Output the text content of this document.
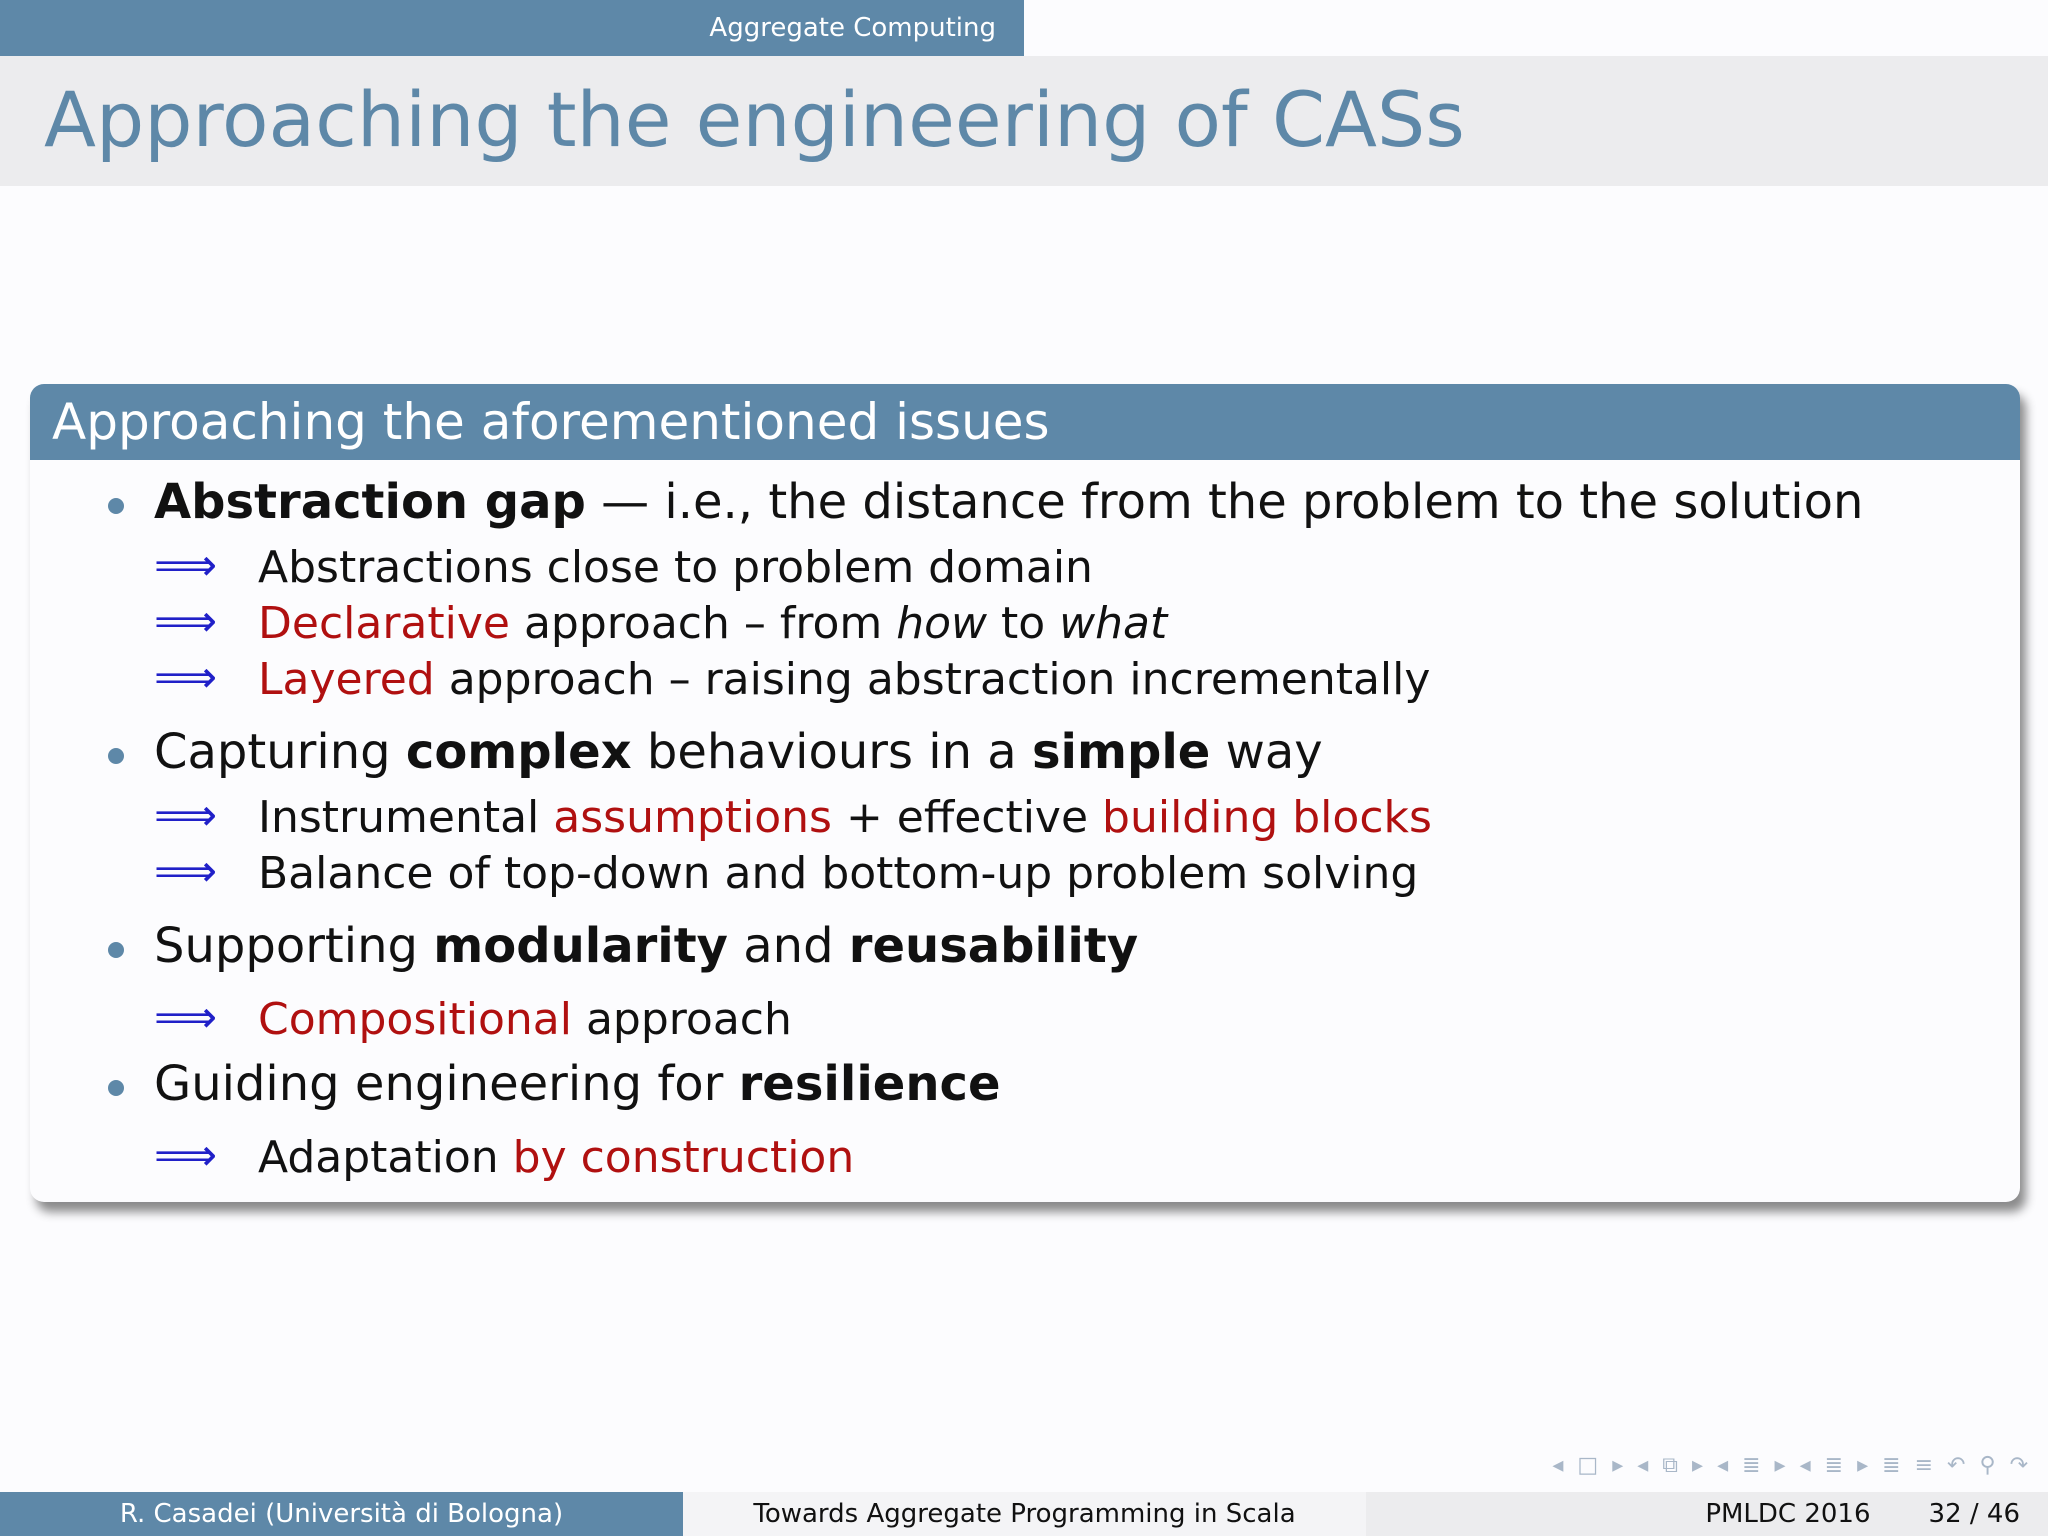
Aggregate Computing
Approaching the engineering of CASs
Approaching the aforementioned issues
Abstraction gap — i.e., the distance from the problem to the solution
⟹ Abstractions close to problem domain
⟹ Declarative approach – from how to what
⟹ Layered approach – raising abstraction incrementally
Capturing complex behaviours in a simple way
⟹ Instrumental assumptions + effective building blocks
⟹ Balance of top-down and bottom-up problem solving
Supporting modularity and reusability
⟹ Compositional approach
Guiding engineering for resilience
⟹ Adaptation by construction
◂ □ ▸ ◂ ⧉ ▸ ◂ ≣ ▸ ◂ ≣ ▸ ≣ ≡ ↶ ⚲ ↷
R. Casadei (Università di Bologna)	Towards Aggregate Programming in Scala	PMLDC 2016 32 / 46
